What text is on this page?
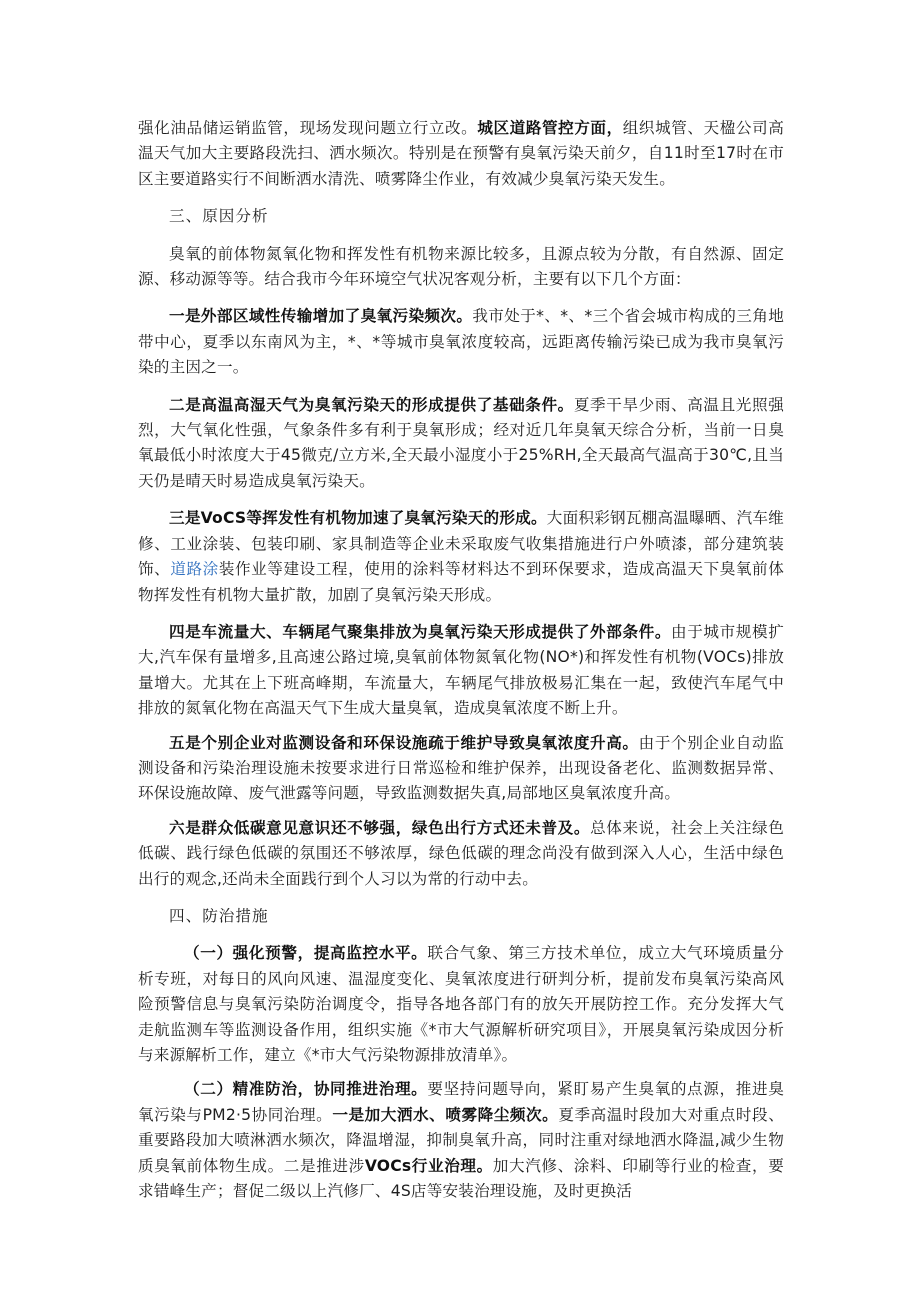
强化油品储运销监管，现场发现问题立行立改。城区道路管控方面，组织城管、天楹公司高温天气加大主要路段洗扫、洒水频次。特别是在预警有臭氧污染天前夕，自11时至17时在市区主要道路实行不间断洒水清洗、喷雾降尘作业，有效减少臭氧污染天发生。

三、原因分析

臭氧的前体物氮氧化物和挥发性有机物来源比较多，且源点较为分散，有自然源、固定源、移动源等等。结合我市今年环境空气状况客观分析，主要有以下几个方面：

一是外部区域性传输增加了臭氧污染频次。我市处于*、*、*三个省会城市构成的三角地带中心，夏季以东南风为主，*、*等城市臭氧浓度较高，远距离传输污染已成为我市臭氧污染的主因之一。

二是高温高湿天气为臭氧污染天的形成提供了基础条件。夏季干旱少雨、高温且光照强烈，大气氧化性强，气象条件多有利于臭氧形成；经对近几年臭氧天综合分析，当前一日臭氧最低小时浓度大于45微克/立方米,全天最小湿度小于25%RH,全天最高气温高于30℃,且当天仍是晴天时易造成臭氧污染天。

三是VoCS等挥发性有机物加速了臭氧污染天的形成。大面积彩钢瓦棚高温曝晒、汽车维修、工业涂装、包装印刷、家具制造等企业未采取废气收集措施进行户外喷漆，部分建筑装饰、道路涂装作业等建设工程，使用的涂料等材料达不到环保要求，造成高温天下臭氧前体物挥发性有机物大量扩散，加剧了臭氧污染天形成。

四是车流量大、车辆尾气聚集排放为臭氧污染天形成提供了外部条件。由于城市规模扩大,汽车保有量增多,且高速公路过境,臭氧前体物氮氧化物(NO*)和挥发性有机物(VOCs)排放量增大。尤其在上下班高峰期，车流量大，车辆尾气排放极易汇集在一起，致使汽车尾气中排放的氮氧化物在高温天气下生成大量臭氧，造成臭氧浓度不断上升。

五是个别企业对监测设备和环保设施疏于维护导致臭氧浓度升高。由于个别企业自动监测设备和污染治理设施未按要求进行日常巡检和维护保养，出现设备老化、监测数据异常、环保设施故障、废气泄露等问题，导致监测数据失真,局部地区臭氧浓度升高。

六是群众低碳意见意识还不够强，绿色出行方式还未普及。总体来说，社会上关注绿色低碳、践行绿色低碳的氛围还不够浓厚，绿色低碳的理念尚没有做到深入人心，生活中绿色出行的观念,还尚未全面践行到个人习以为常的行动中去。

四、防治措施

（一）强化预警，提高监控水平。联合气象、第三方技术单位，成立大气环境质量分析专班，对每日的风向风速、温湿度变化、臭氧浓度进行研判分析，提前发布臭氧污染高风险预警信息与臭氧污染防治调度令，指导各地各部门有的放矢开展防控工作。充分发挥大气走航监测车等监测设备作用，组织实施《*市大气源解析研究项目》，开展臭氧污染成因分析与来源解析工作，建立《*市大气污染物源排放清单》。

（二）精准防治，协同推进治理。要坚持问题导向，紧盯易产生臭氧的点源，推进臭氧污染与PM2·5协同治理。一是加大洒水、喷雾降尘频次。夏季高温时段加大对重点时段、重要路段加大喷淋洒水频次，降温增湿，抑制臭氧升高，同时注重对绿地洒水降温,减少生物质臭氧前体物生成。二是推进涉VOCs行业治理。加大汽修、涂料、印刷等行业的检查，要求错峰生产；督促二级以上汽修厂、4S店等安装治理设施，及时更换活
